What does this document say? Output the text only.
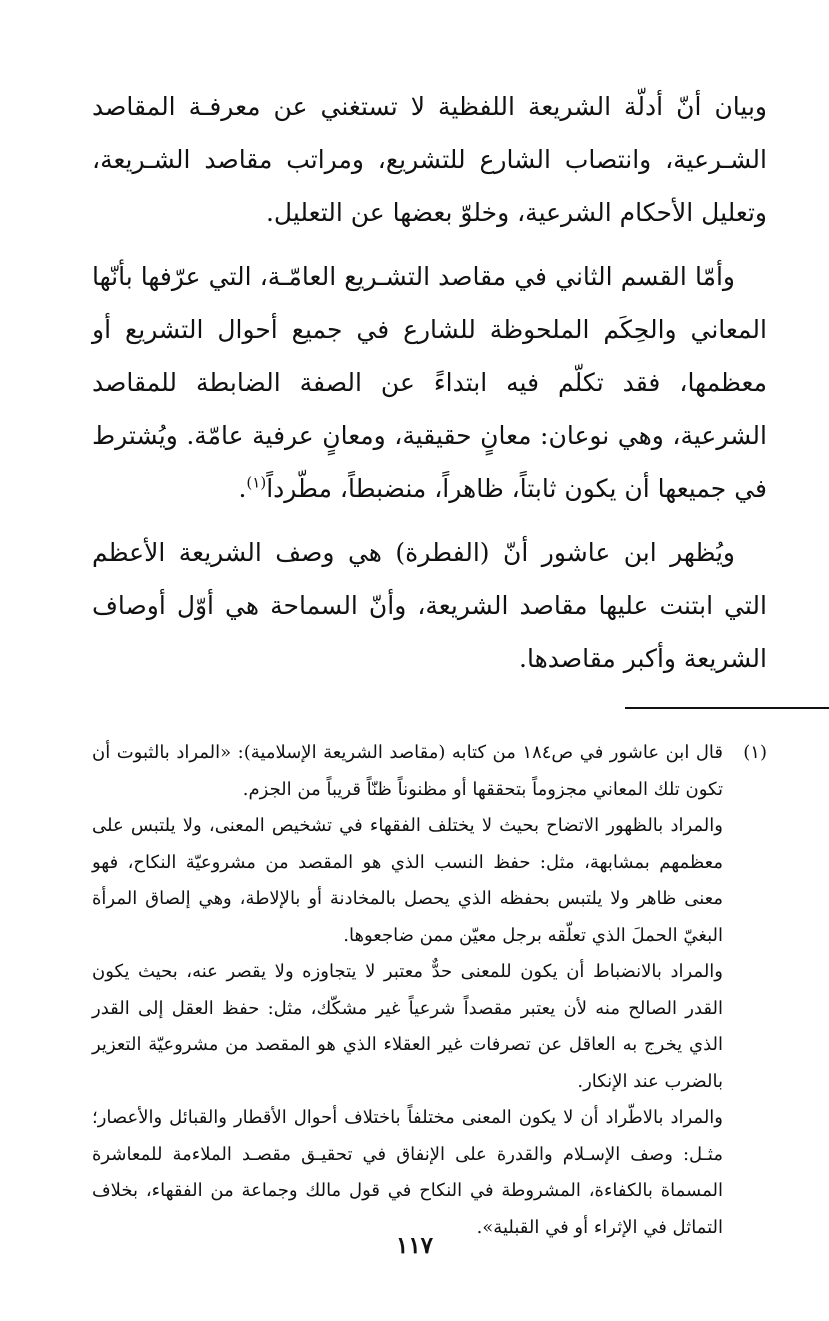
وبيان أنّ أدلّة الشريعة اللفظية لا تستغني عن معرفـة المقاصد الشـرعية، وانتصاب الشارع للتشريع، ومراتب مقاصد الشـريعة، وتعليل الأحكام الشرعية، وخلوّ بعضها عن التعليل.

وأمّا القسم الثاني في مقاصد التشـريع العامّـة، التي عرّفها بأنّها المعاني والحِكَم الملحوظة للشارع في جميع أحوال التشريع أو معظمها، فقد تكلّم فيه ابتداءً عن الصفة الضابطة للمقاصد الشرعية، وهي نوعان: معانٍ حقيقية، ومعانٍ عرفية عامّة. ويُشترط في جميعها أن يكون ثابتاً، ظاهراً، منضبطاً، مطّرداً$^{(١)}$.

ويُظهر ابن عاشور أنّ (الفطرة) هي وصف الشريعة الأعظم التي ابتنت عليها مقاصد الشريعة، وأنّ السماحة هي أوّل أوصاف الشريعة وأكبر مقاصدها.

(١)

قال ابن عاشور في ص١٨٤ من كتابه (مقاصد الشريعة الإسلامية): «المراد بالثبوت أن تكون تلك المعاني مجزوماً بتحققها أو مظنوناً ظنّاً قريباً من الجزم.

والمراد بالظهور الاتضاح بحيث لا يختلف الفقهاء في تشخيص المعنى، ولا يلتبس على معظمهم بمشابهة، مثل: حفظ النسب الذي هو المقصد من مشروعيّة النكاح، فهو معنى ظاهر ولا يلتبس بحفظه الذي يحصل بالمخادنة أو بالإلاطة، وهي إلصاق المرأة البغيّ الحملَ الذي تعلّقه برجل معيّن ممن ضاجعوها.

والمراد بالانضباط أن يكون للمعنى حدٌّ معتبر لا يتجاوزه ولا يقصر عنه، بحيث يكون القدر الصالح منه لأن يعتبر مقصداً شرعياً غير مشكّك، مثل: حفظ العقل إلى القدر الذي يخرج به العاقل عن تصرفات غير العقلاء الذي هو المقصد من مشروعيّة التعزير بالضرب عند الإنكار.

والمراد بالاطّراد أن لا يكون المعنى مختلفاً باختلاف أحوال الأقطار والقبائل والأعصار؛ مثـل: وصف الإسـلام والقدرة على الإنفاق في تحقيـق مقصـد الملاءمة للمعاشرة المسماة بالكفاءة، المشروطة في النكاح في قول مالك وجماعة من الفقهاء، بخلاف التماثل في الإثراء أو في القبلية».

١١٧
